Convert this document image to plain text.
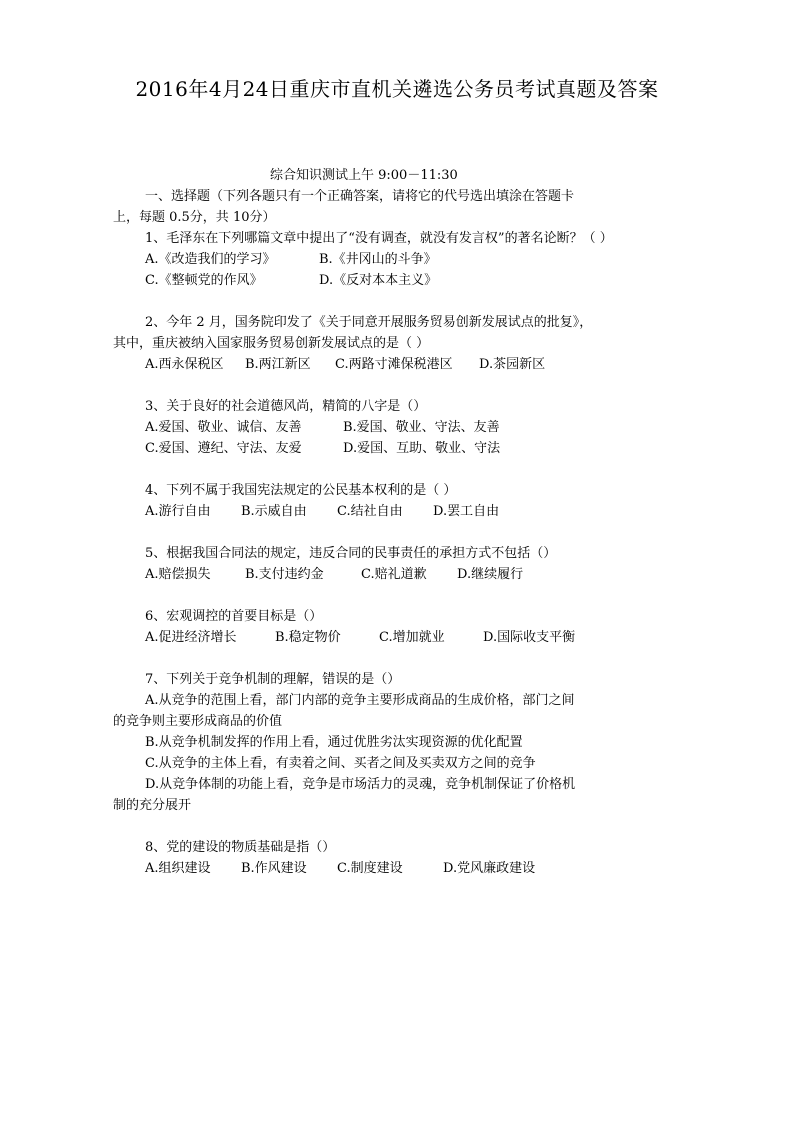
2016年4月24日重庆市直机关遴选公务员考试真题及答案
综合知识测试上午 9:00－11:30
一、选择题（下列各题只有一个正确答案，请将它的代号选出填涂在答题卡
上，每题 0.5分，共 10分）
1、毛泽东在下列哪篇文章中提出了“没有调查，就没有发言权”的著名论断？（ ）
A.《改造我们的学习》	B.《井冈山的斗争》
C.《整顿党的作风》	D.《反对本本主义》
2、今年 2 月，国务院印发了《关于同意开展服务贸易创新发展试点的批复》，
其中，重庆被纳入国家服务贸易创新发展试点的是（ ）
A.西永保税区 B.两江新区 C.两路寸滩保税港区 D.茶园新区
3、关于良好的社会道德风尚，精简的八字是（）
A.爱国、敬业、诚信、友善	B.爱国、敬业、守法、友善
C.爱国、遵纪、守法、友爱	D.爱国、互助、敬业、守法
4、下列不属于我国宪法规定的公民基本权利的是（ ）
A.游行自由 B.示威自由 C.结社自由 D.罢工自由
5、根据我国合同法的规定，违反合同的民事责任的承担方式不包括（）
A.赔偿损失	B.支付违约金	C.赔礼道歉 D.继续履行
6、宏观调控的首要目标是（）
A.促进经济增长	B.稳定物价	C.增加就业	D.国际收支平衡
7、下列关于竞争机制的理解，错误的是（）
A.从竞争的范围上看，部门内部的竞争主要形成商品的生成价格，部门之间
的竞争则主要形成商品的价值
B.从竞争机制发挥的作用上看，通过优胜劣汰实现资源的优化配置
C.从竞争的主体上看，有卖着之间、买者之间及买卖双方之间的竞争
D.从竞争体制的功能上看，竞争是市场活力的灵魂，竞争机制保证了价格机
制的充分展开
8、党的建设的物质基础是指（）
A.组织建设 B.作风建设 C.制度建设	D.党风廉政建设
